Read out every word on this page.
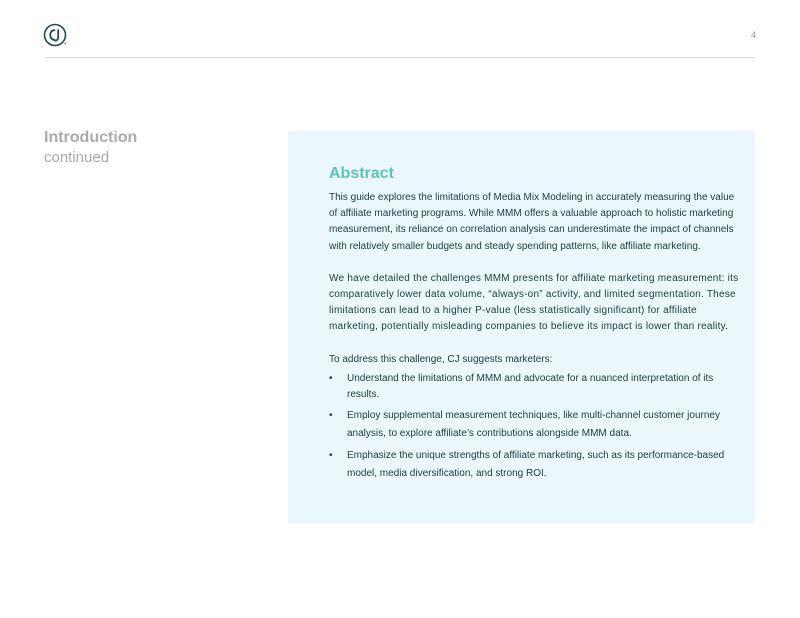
4
Introduction
continued
Abstract

This guide explores the limitations of Media Mix Modeling in accurately measuring the value of affiliate marketing programs. While MMM offers a valuable approach to holistic marketing measurement, its reliance on correlation analysis can underestimate the impact of channels with relatively smaller budgets and steady spending patterns, like affiliate marketing.

We have detailed the challenges MMM presents for affiliate marketing measurement: its comparatively lower data volume, “always-on” activity, and limited segmentation. These limitations can lead to a higher P-value (less statistically significant) for affiliate marketing, potentially misleading companies to believe its impact is lower than reality.

To address this challenge, CJ suggests marketers:

• Understand the limitations of MMM and advocate for a nuanced interpretation of its results.
• Employ supplemental measurement techniques, like multi-channel customer journey analysis, to explore affiliate’s contributions alongside MMM data.
• Emphasize the unique strengths of affiliate marketing, such as its performance-based model, media diversification, and strong ROI.
